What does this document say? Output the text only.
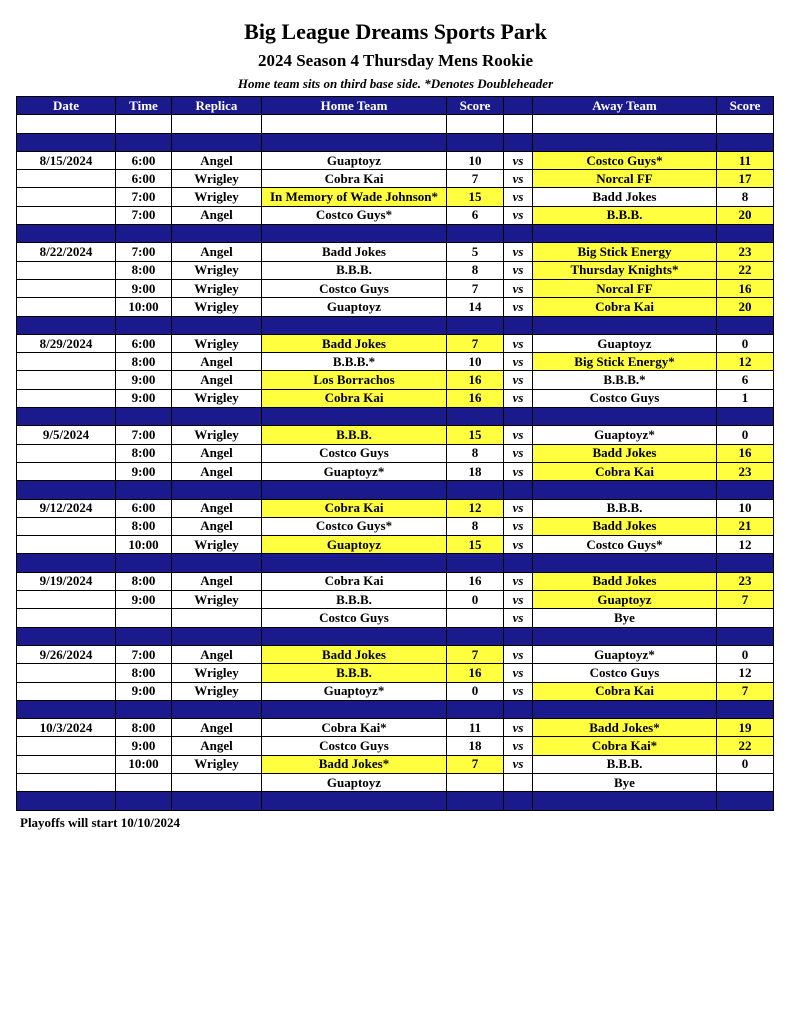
Big League Dreams Sports Park
2024 Season 4 Thursday Mens Rookie
Home team sits on third base side. *Denotes Doubleheader
Date	Time	Replica	Home Team	Score		Away Team	Score

8/15/2024	6:00	Angel	Guaptoyz	10	vs	Costco Guys*	11
	6:00	Wrigley	Cobra Kai	7	vs	Norcal FF	17
	7:00	Wrigley	In Memory of Wade Johnson*	15	vs	Badd Jokes	8
	7:00	Angel	Costco Guys*	6	vs	B.B.B.	20

8/22/2024	7:00	Angel	Badd Jokes	5	vs	Big Stick Energy	23
	8:00	Wrigley	B.B.B.	8	vs	Thursday Knights*	22
	9:00	Wrigley	Costco Guys	7	vs	Norcal FF	16
	10:00	Wrigley	Guaptoyz	14	vs	Cobra Kai	20

8/29/2024	6:00	Wrigley	Badd Jokes	7	vs	Guaptoyz	0
	8:00	Angel	B.B.B.*	10	vs	Big Stick Energy*	12
	9:00	Angel	Los Borrachos	16	vs	B.B.B.*	6
	9:00	Wrigley	Cobra Kai	16	vs	Costco Guys	1

9/5/2024	7:00	Wrigley	B.B.B.	15	vs	Guaptoyz*	0
	8:00	Angel	Costco Guys	8	vs	Badd Jokes	16
	9:00	Angel	Guaptoyz*	18	vs	Cobra Kai	23

9/12/2024	6:00	Angel	Cobra Kai	12	vs	B.B.B.	10
	8:00	Angel	Costco Guys*	8	vs	Badd Jokes	21
	10:00	Wrigley	Guaptoyz	15	vs	Costco Guys*	12

9/19/2024	8:00	Angel	Cobra Kai	16	vs	Badd Jokes	23
	9:00	Wrigley	B.B.B.	0	vs	Guaptoyz	7
			Costco Guys		vs	Bye	

9/26/2024	7:00	Angel	Badd Jokes	7	vs	Guaptoyz*	0
	8:00	Wrigley	B.B.B.	16	vs	Costco Guys	12
	9:00	Wrigley	Guaptoyz*	0	vs	Cobra Kai	7

10/3/2024	8:00	Angel	Cobra Kai*	11	vs	Badd Jokes*	19
	9:00	Angel	Costco Guys	18	vs	Cobra Kai*	22
	10:00	Wrigley	Badd Jokes*	7	vs	B.B.B.	0
			Guaptoyz			Bye	

Playoffs will start 10/10/2024
